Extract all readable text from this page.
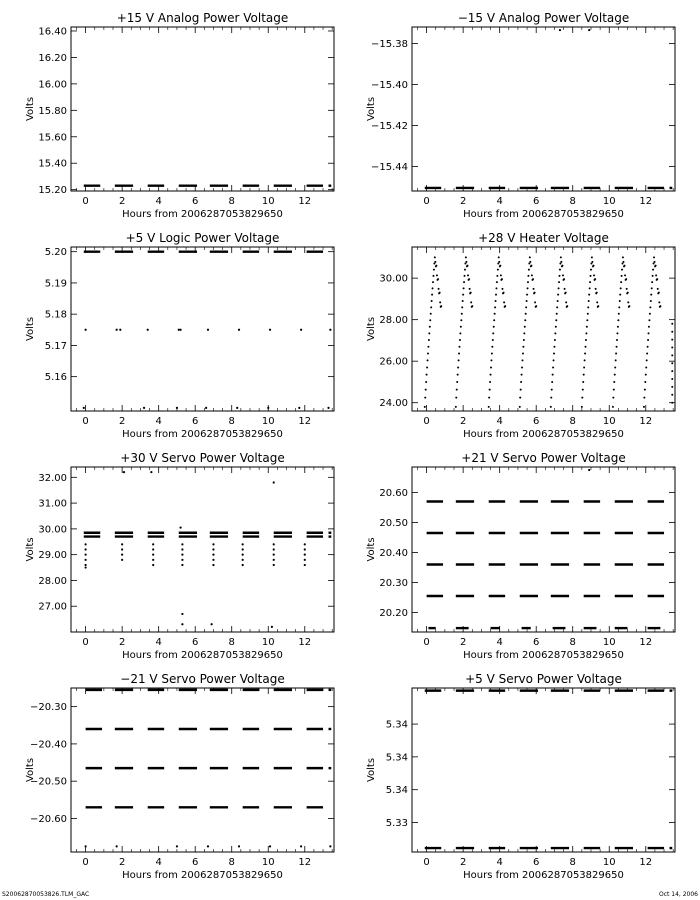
+15 V Analog Power Voltage
Hours from 2006287053829650
Volts
0	2	4	6	8	10 12
15.20
15.40
15.60
15.80
16.00
16.20
16.40
−15 V Analog Power Voltage
Hours from 2006287053829650
Volts
0	2	4	6	8	10 12
−15.44
−15.42
−15.40
−15.38
+5 V Logic Power Voltage
Hours from 2006287053829650
Volts
0	2	4	6	8	10 12
5.16
5.17
5.18
5.19
5.20
+28 V Heater Voltage
Hours from 2006287053829650
Volts
0	2	4	6	8	10 12
24.00
26.00
28.00
30.00
+30 V Servo Power Voltage
Hours from 2006287053829650
Volts
0	2	4	6	8	10 12
27.00
28.00
29.00
30.00
31.00
32.00
+21 V Servo Power Voltage
Hours from 2006287053829650
Volts
0	2	4	6	8	10 12
20.20
20.30
20.40
20.50
20.60
−21 V Servo Power Voltage
Hours from 2006287053829650
Volts
0	2	4	6	8	10 12
−20.60
−20.50
−20.40
−20.30
+5 V Servo Power Voltage
Hours from 2006287053829650
Volts
0	2	4	6	8	10 12
5.33
5.34
5.34
5.34
S20062870053826.TLM_GAC	Oct 14, 2006
